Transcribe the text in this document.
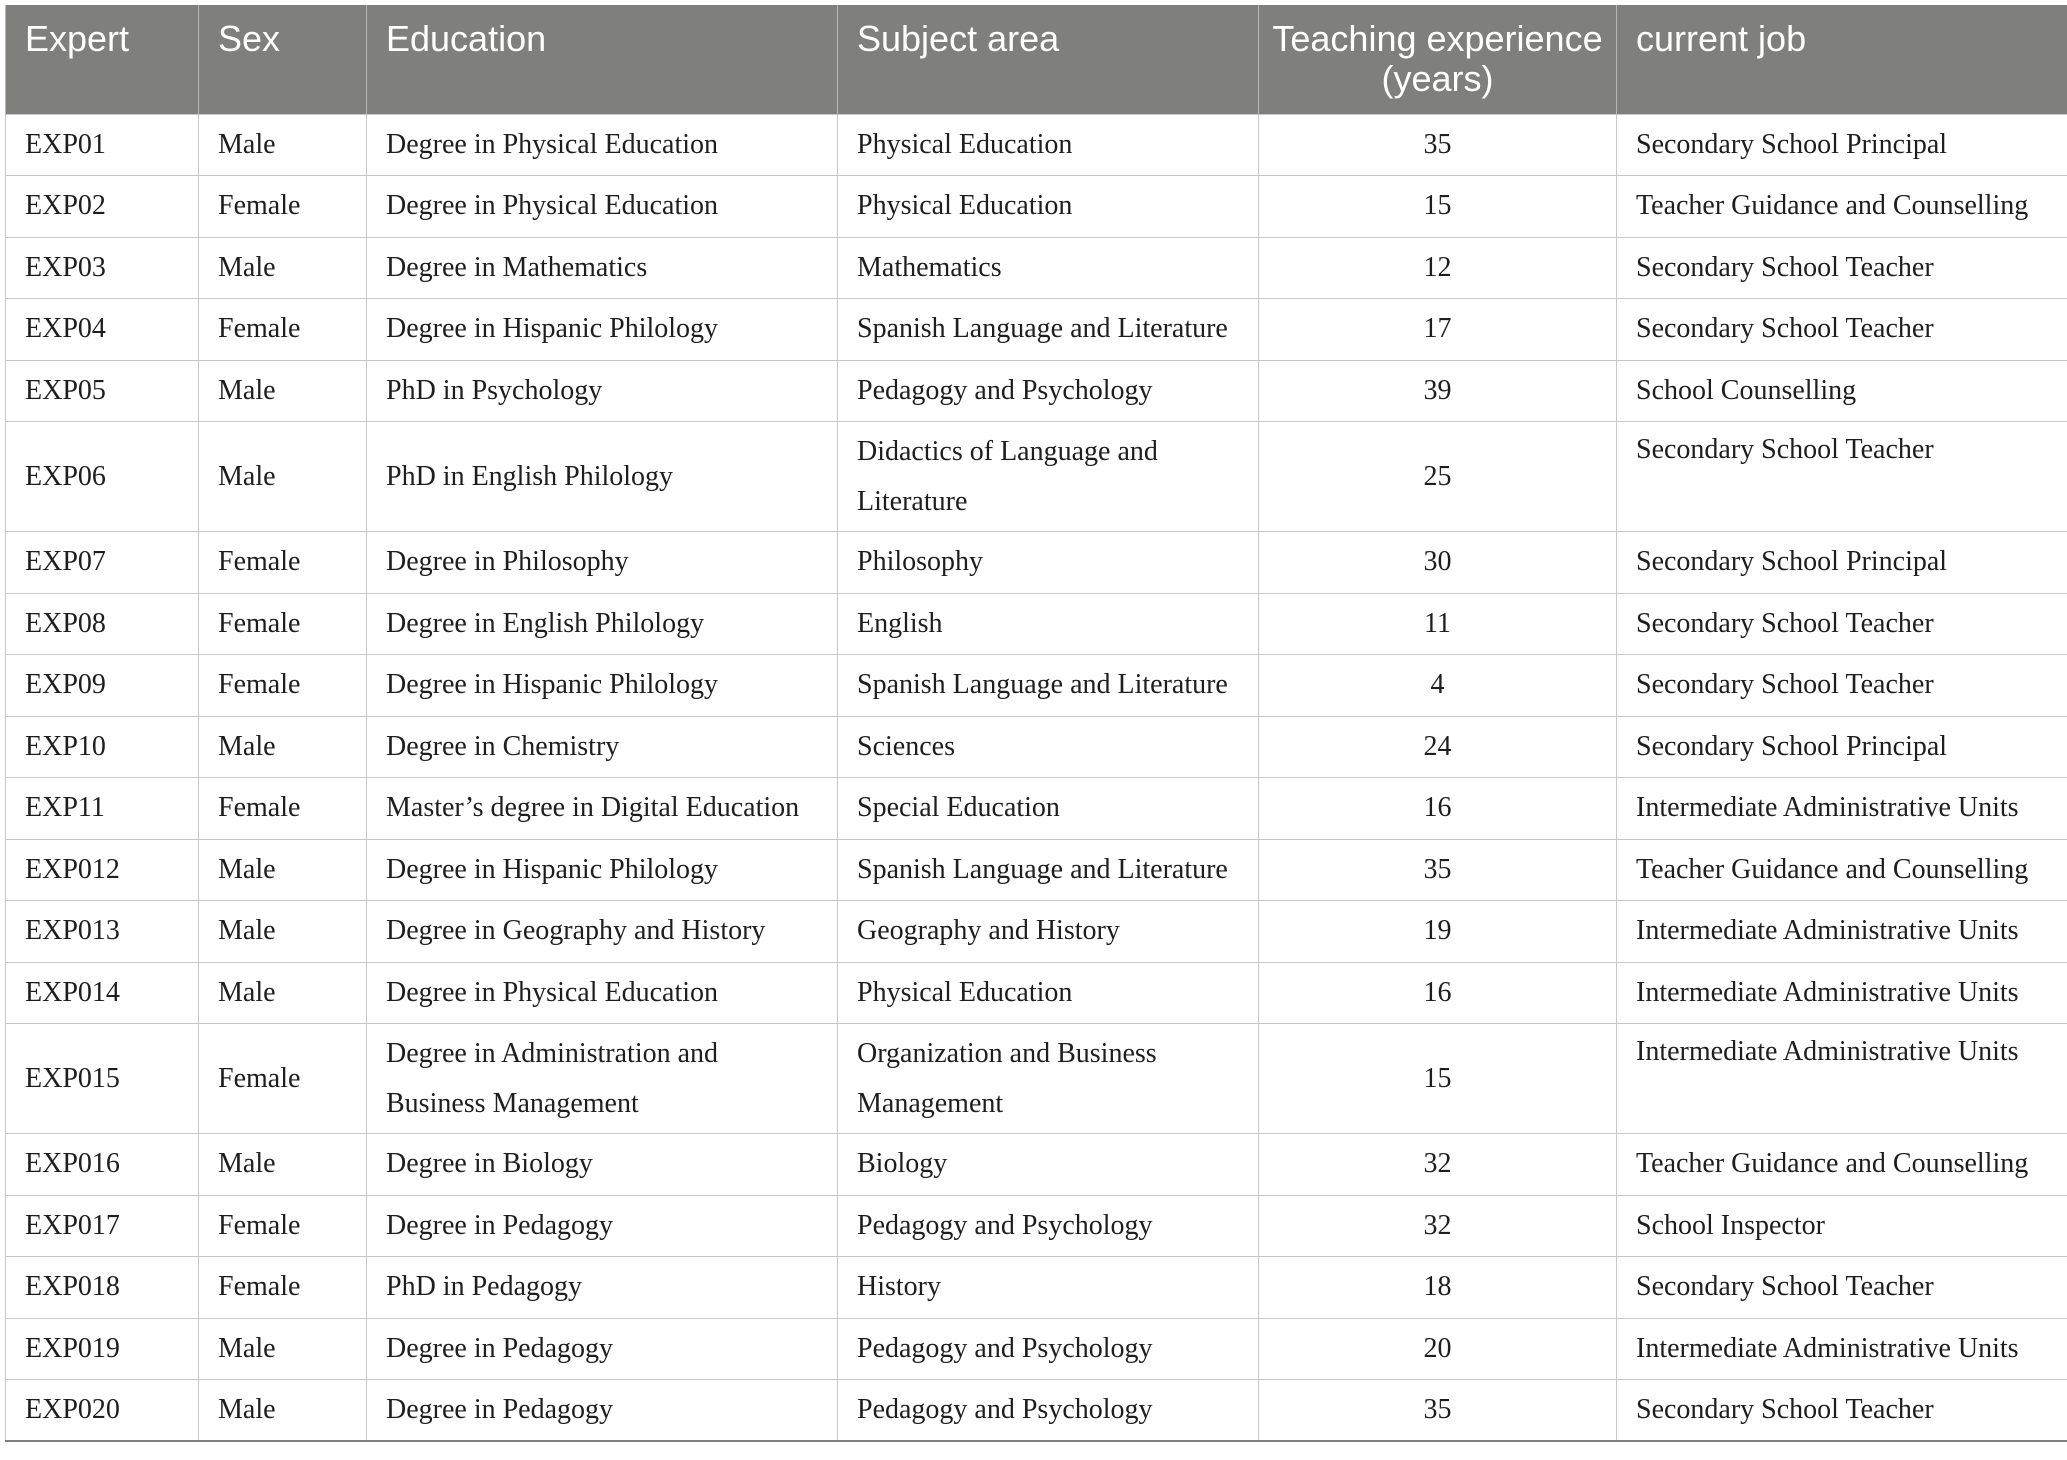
Expert	Sex	Education	Subject area	Teaching experience (years)	current job
EXP01	Male	Degree in Physical Education	Physical Education	35	Secondary School Principal
EXP02	Female	Degree in Physical Education	Physical Education	15	Teacher Guidance and Counselling
EXP03	Male	Degree in Mathematics	Mathematics	12	Secondary School Teacher
EXP04	Female	Degree in Hispanic Philology	Spanish Language and Literature	17	Secondary School Teacher
EXP05	Male	PhD in Psychology	Pedagogy and Psychology	39	School Counselling
EXP06	Male	PhD in English Philology	Didactics of Language and Literature	25	Secondary School Teacher
EXP07	Female	Degree in Philosophy	Philosophy	30	Secondary School Principal
EXP08	Female	Degree in English Philology	English	11	Secondary School Teacher
EXP09	Female	Degree in Hispanic Philology	Spanish Language and Literature	4	Secondary School Teacher
EXP10	Male	Degree in Chemistry	Sciences	24	Secondary School Principal
EXP11	Female	Master’s degree in Digital Education	Special Education	16	Intermediate Administrative Units
EXP012	Male	Degree in Hispanic Philology	Spanish Language and Literature	35	Teacher Guidance and Counselling
EXP013	Male	Degree in Geography and History	Geography and History	19	Intermediate Administrative Units
EXP014	Male	Degree in Physical Education	Physical Education	16	Intermediate Administrative Units
EXP015	Female	Degree in Administration and Business Management	Organization and Business Management	15	Intermediate Administrative Units
EXP016	Male	Degree in Biology	Biology	32	Teacher Guidance and Counselling
EXP017	Female	Degree in Pedagogy	Pedagogy and Psychology	32	School Inspector
EXP018	Female	PhD in Pedagogy	History	18	Secondary School Teacher
EXP019	Male	Degree in Pedagogy	Pedagogy and Psychology	20	Intermediate Administrative Units
EXP020	Male	Degree in Pedagogy	Pedagogy and Psychology	35	Secondary School Teacher
